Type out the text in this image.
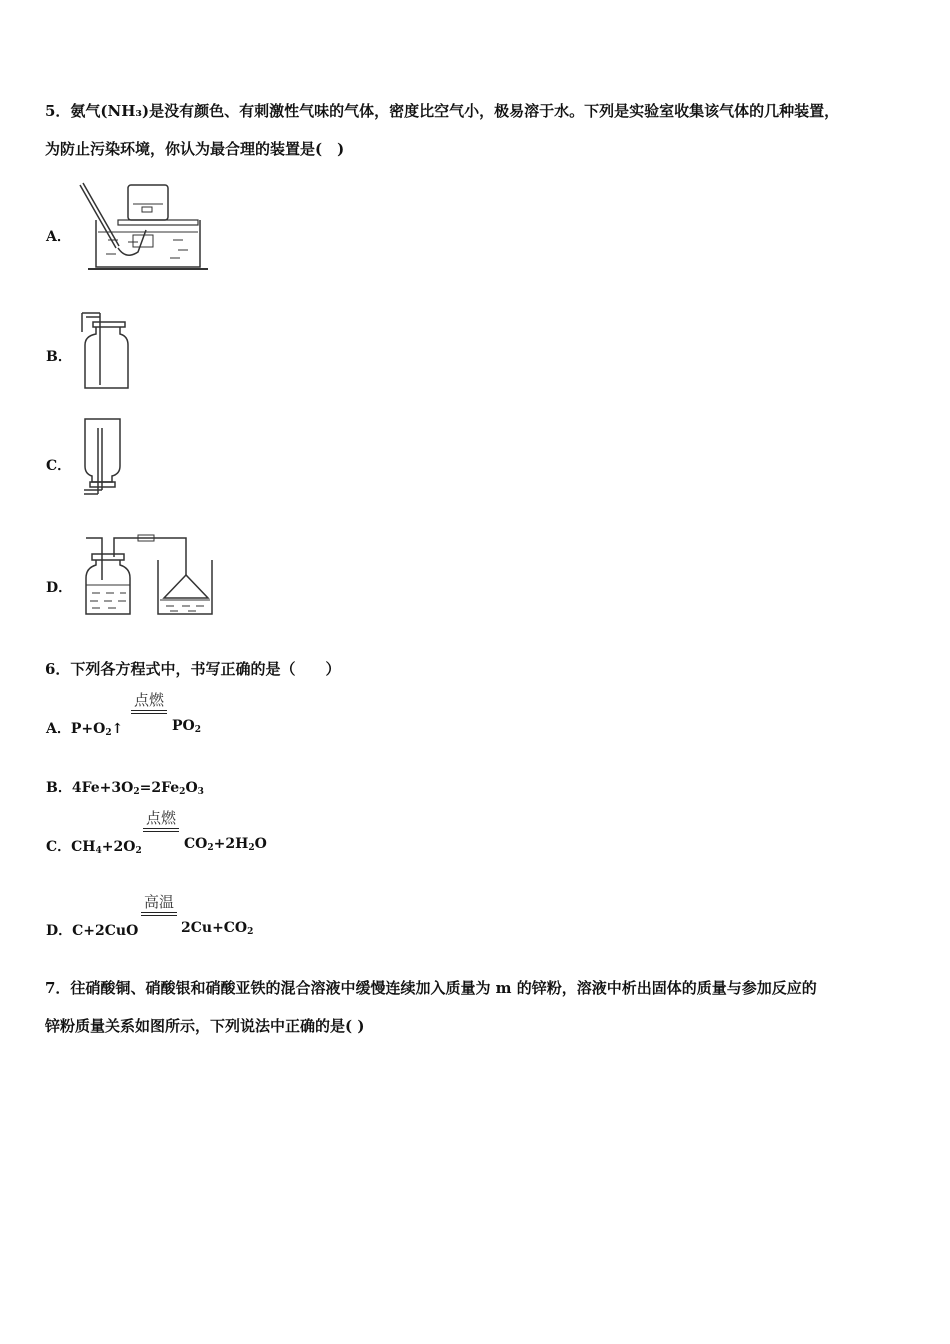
5．氨气(NH₃)是没有颜色、有刺激性气味的气体，密度比空气小，极易溶于水。下列是实验室收集该气体的几种装置，
为防止污染环境，你认为最合理的装置是(　)
A．
B．
C．
D．
6．下列各方程式中，书写正确的是（　　）
A．$P+O_2↑$
点燃
$PO_2$
B．$4Fe+3O_2=2Fe_2O_3$
C．$CH_4+2O_2$
点燃
$CO_2+2H_2O$
D．C+2CuO
高温
$2Cu+CO_2$
7．往硝酸铜、硝酸银和硝酸亚铁的混合溶液中缓慢连续加入质量为 m 的锌粉，溶液中析出固体的质量与参加反应的
锌粉质量关系如图所示，下列说法中正确的是( )
